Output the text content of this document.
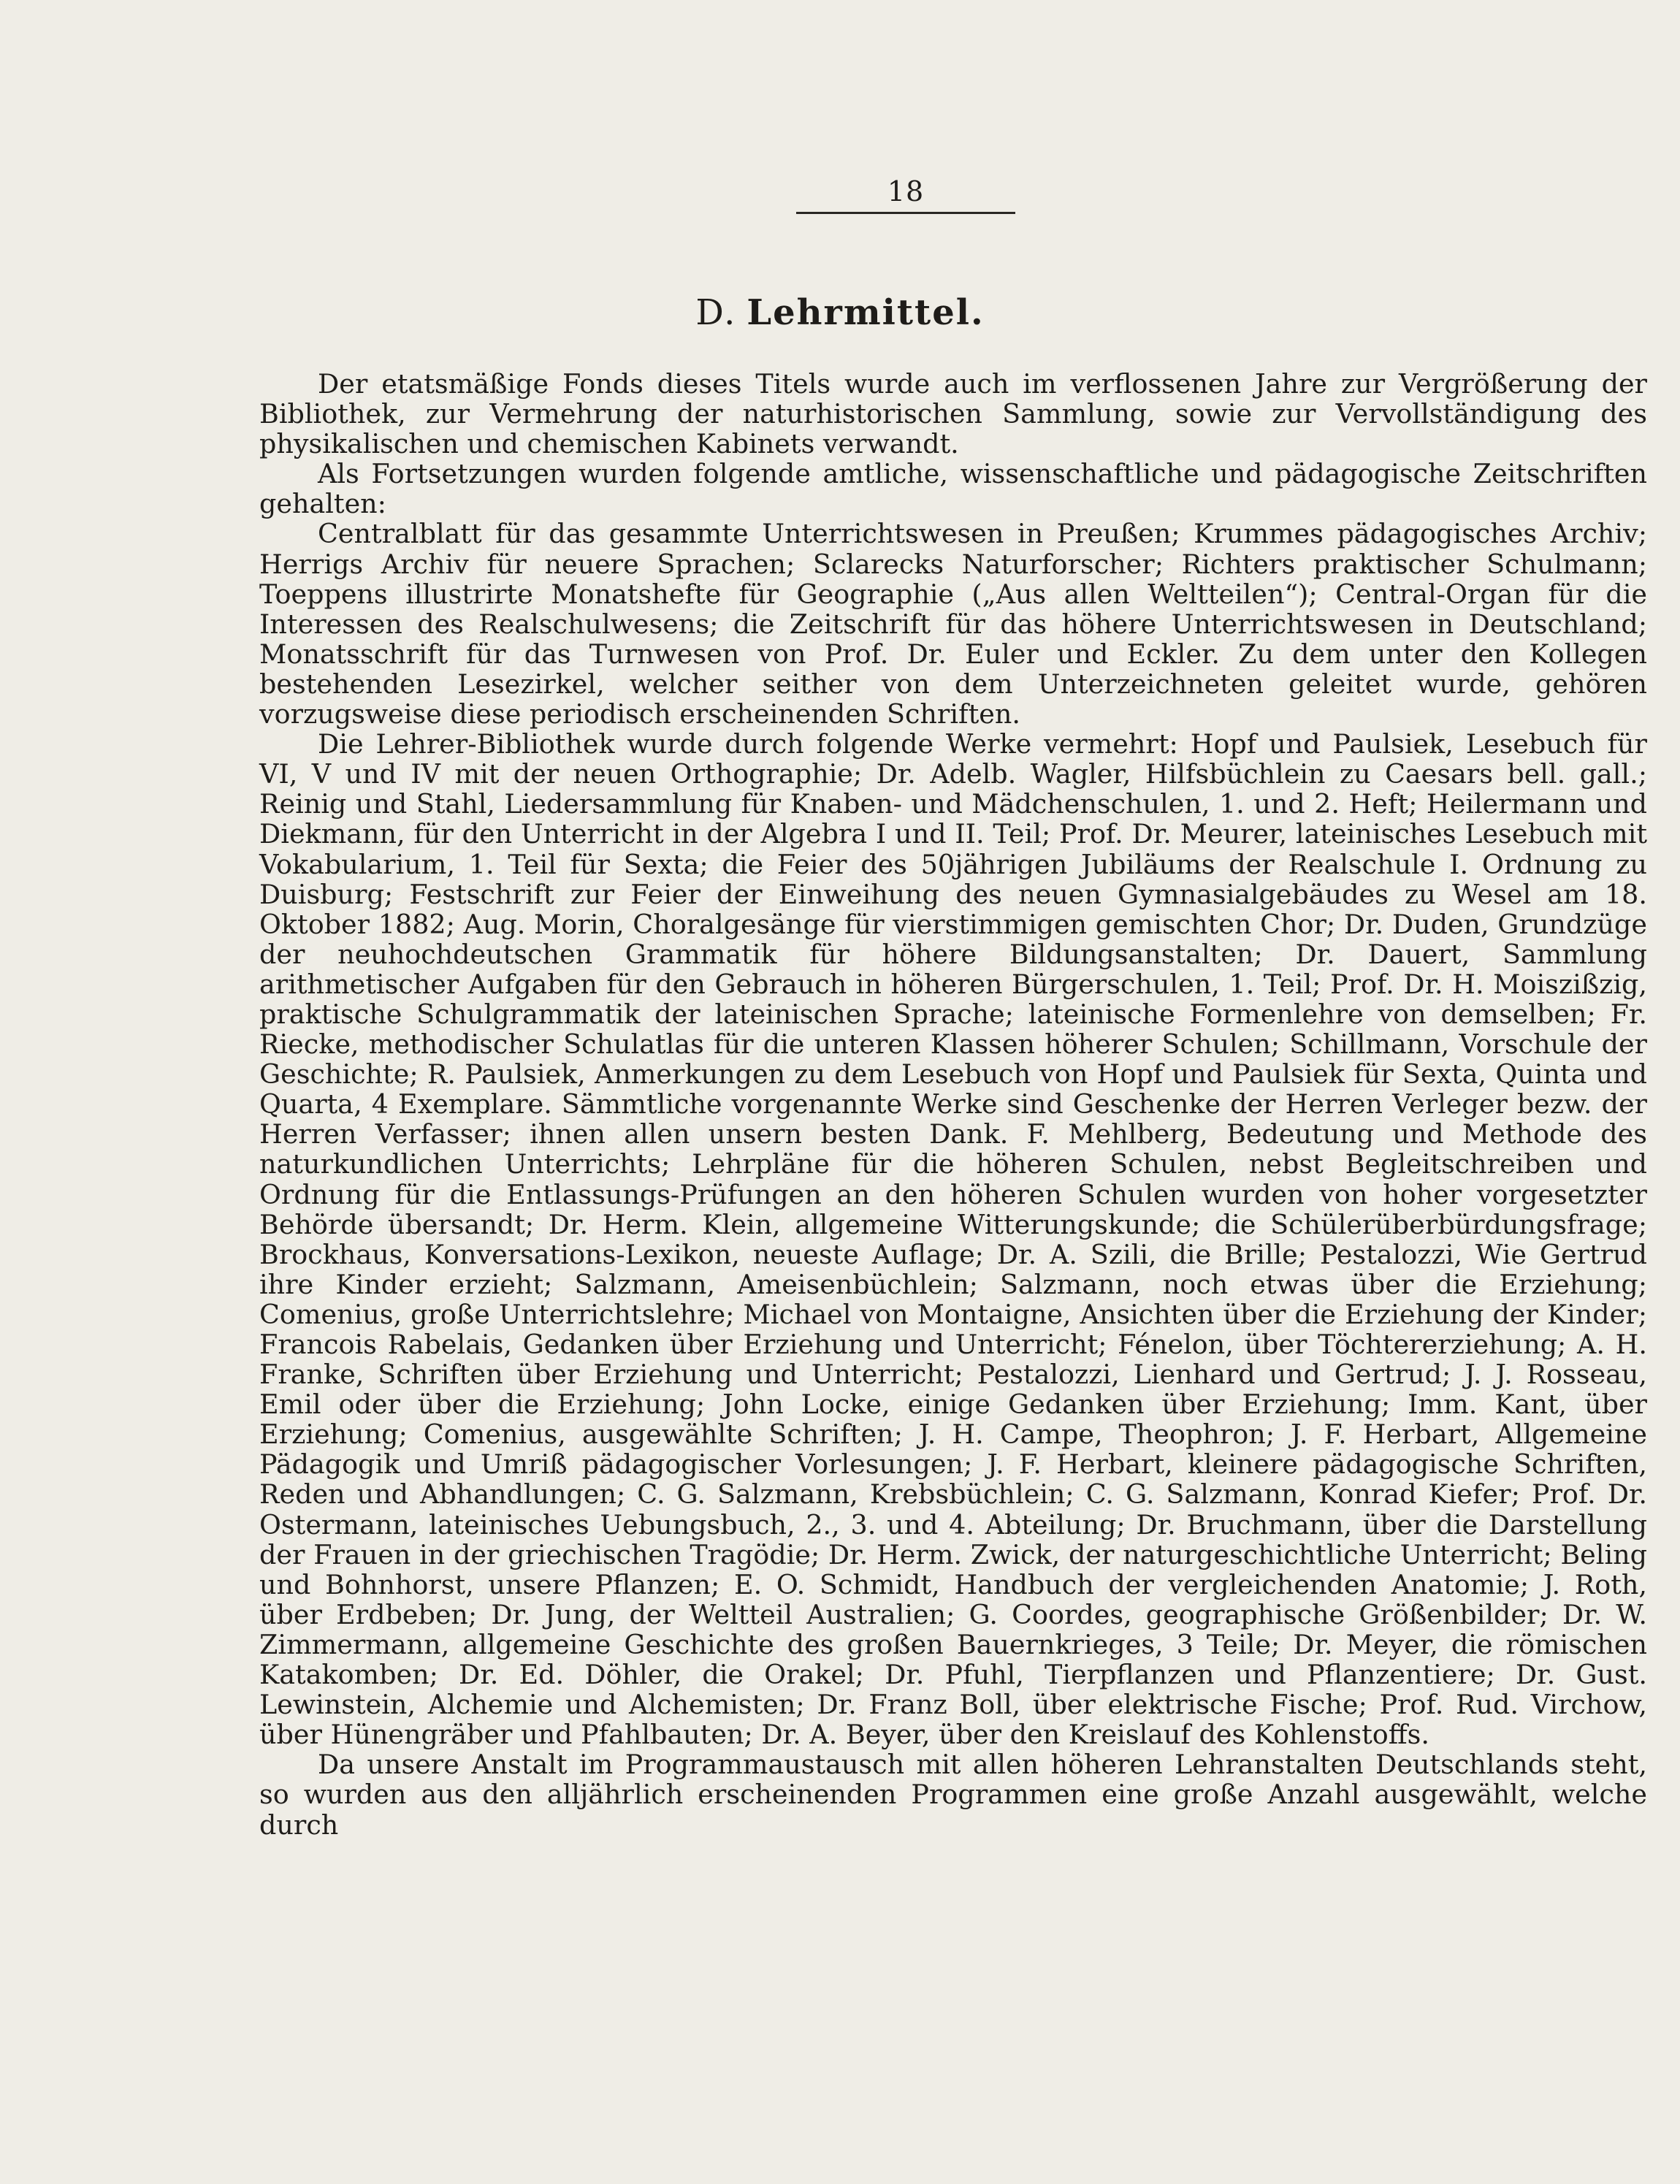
18
D. Lehrmittel.

Der etatsmäßige Fonds dieses Titels wurde auch im verflossenen Jahre zur Vergrößerung der Bibliothek, zur Vermehrung der naturhistorischen Sammlung, sowie zur Vervollständigung des physikalischen und chemischen Kabinets verwandt.

Als Fortsetzungen wurden folgende amtliche, wissenschaftliche und pädagogische Zeitschriften gehalten:

Centralblatt für das gesammte Unterrichtswesen in Preußen; Krummes pädagogisches Archiv; Herrigs Archiv für neuere Sprachen; Sclarecks Naturforscher; Richters praktischer Schulmann; Toeppens illustrirte Monatshefte für Geographie („Aus allen Weltteilen“); Central-Organ für die Interessen des Realschulwesens; die Zeitschrift für das höhere Unterrichtswesen in Deutschland; Monatsschrift für das Turnwesen von Prof. Dr. Euler und Eckler. Zu dem unter den Kollegen bestehenden Lesezirkel, welcher seither von dem Unterzeichneten geleitet wurde, gehören vorzugsweise diese periodisch erscheinenden Schriften.

Die Lehrer-Bibliothek wurde durch folgende Werke vermehrt: Hopf und Paulsiek, Lesebuch für VI, V und IV mit der neuen Orthographie; Dr. Adelb. Wagler, Hilfsbüchlein zu Caesars bell. gall.; Reinig und Stahl, Liedersammlung für Knaben- und Mädchenschulen, 1. und 2. Heft; Heilermann und Diekmann, für den Unterricht in der Algebra I und II. Teil; Prof. Dr. Meurer, lateinisches Lesebuch mit Vokabularium, 1. Teil für Sexta; die Feier des 50jährigen Jubiläums der Realschule I. Ordnung zu Duisburg; Festschrift zur Feier der Einweihung des neuen Gymnasialgebäudes zu Wesel am 18. Oktober 1882; Aug. Morin, Choralgesänge für vierstimmigen gemischten Chor; Dr. Duden, Grundzüge der neuhochdeutschen Grammatik für höhere Bildungsanstalten; Dr. Dauert, Sammlung arithmetischer Aufgaben für den Gebrauch in höheren Bürgerschulen, 1. Teil; Prof. Dr. H. Moiszißzig, praktische Schulgrammatik der lateinischen Sprache; lateinische Formenlehre von demselben; Fr. Riecke, methodischer Schulatlas für die unteren Klassen höherer Schulen; Schillmann, Vorschule der Geschichte; R. Paulsiek, Anmerkungen zu dem Lesebuch von Hopf und Paulsiek für Sexta, Quinta und Quarta, 4 Exemplare. Sämmtliche vorgenannte Werke sind Geschenke der Herren Verleger bezw. der Herren Verfasser; ihnen allen unsern besten Dank. F. Mehlberg, Bedeutung und Methode des naturkundlichen Unterrichts; Lehrpläne für die höheren Schulen, nebst Begleitschreiben und Ordnung für die Entlassungs-Prüfungen an den höheren Schulen wurden von hoher vorgesetzter Behörde übersandt; Dr. Herm. Klein, allgemeine Witterungskunde; die Schülerüberbürdungsfrage; Brockhaus, Konversations-Lexikon, neueste Auflage; Dr. A. Szili, die Brille; Pestalozzi, Wie Gertrud ihre Kinder erzieht; Salzmann, Ameisenbüchlein; Salzmann, noch etwas über die Erziehung; Comenius, große Unterrichtslehre; Michael von Montaigne, Ansichten über die Erziehung der Kinder; Francois Rabelais, Gedanken über Erziehung und Unterricht; Fénelon, über Töchtererziehung; A. H. Franke, Schriften über Erziehung und Unterricht; Pestalozzi, Lienhard und Gertrud; J. J. Rosseau, Emil oder über die Erziehung; John Locke, einige Gedanken über Erziehung; Imm. Kant, über Erziehung; Comenius, ausgewählte Schriften; J. H. Campe, Theophron; J. F. Herbart, Allgemeine Pädagogik und Umriß pädagogischer Vorlesungen; J. F. Herbart, kleinere pädagogische Schriften, Reden und Abhandlungen; C. G. Salzmann, Krebsbüchlein; C. G. Salzmann, Konrad Kiefer; Prof. Dr. Ostermann, lateinisches Uebungsbuch, 2., 3. und 4. Abteilung; Dr. Bruchmann, über die Darstellung der Frauen in der griechischen Tragödie; Dr. Herm. Zwick, der naturgeschichtliche Unterricht; Beling und Bohnhorst, unsere Pflanzen; E. O. Schmidt, Handbuch der vergleichenden Anatomie; J. Roth, über Erdbeben; Dr. Jung, der Weltteil Australien; G. Coordes, geographische Größenbilder; Dr. W. Zimmermann, allgemeine Geschichte des großen Bauernkrieges, 3 Teile; Dr. Meyer, die römischen Katakomben; Dr. Ed. Döhler, die Orakel; Dr. Pfuhl, Tierpflanzen und Pflanzentiere; Dr. Gust. Lewinstein, Alchemie und Alchemisten; Dr. Franz Boll, über elektrische Fische; Prof. Rud. Virchow, über Hünengräber und Pfahlbauten; Dr. A. Beyer, über den Kreislauf des Kohlenstoffs.

Da unsere Anstalt im Programmaustausch mit allen höheren Lehranstalten Deutschlands steht, so wurden aus den alljährlich erscheinenden Programmen eine große Anzahl ausgewählt, welche durch
